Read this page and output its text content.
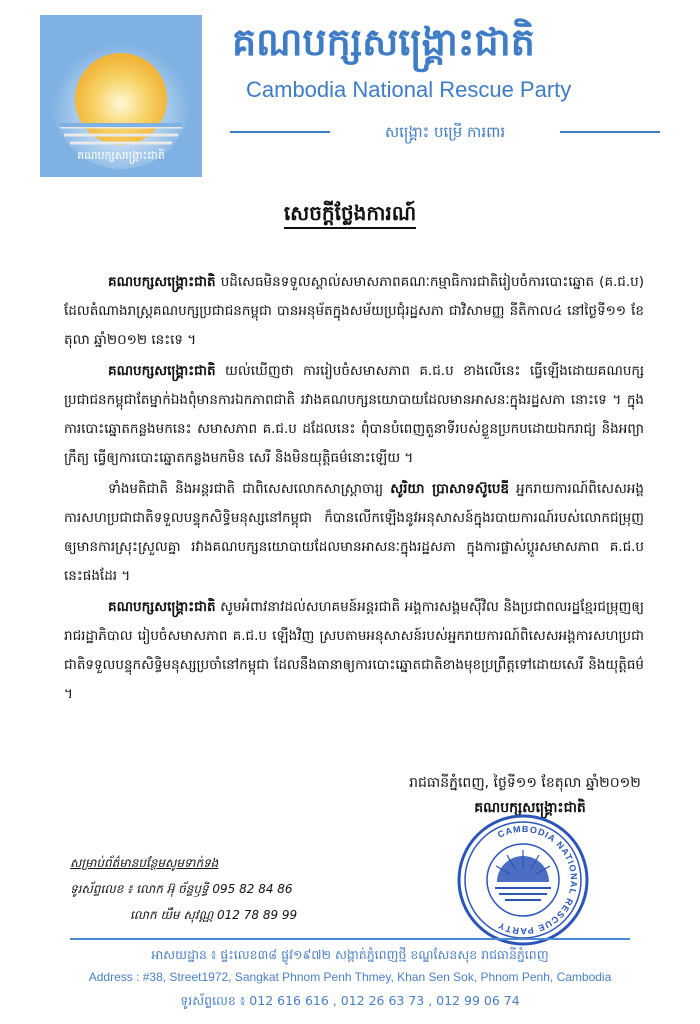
គណបក្សសង្គ្រោះជាតិ
គណបក្សសង្គ្រោះជាតិ
Cambodia National Rescue Party
សង្គ្រោះ បម្រើ ការពារ
សេចក្តីថ្លែងការណ៍

គណបក្សសង្គ្រោះជាតិ បដិសេធមិនទទួលស្គាល់សមាសភាពគណៈកម្មាធិការជាតិរៀបចំការបោះឆ្នោត (គ.ជ.ប) ដែលតំណាងរាស្ត្រគណបក្សប្រជាជនកម្ពុជា បានអនុម័តក្នុងសម័យប្រជុំរដ្ឋសភា ជាវិសាមញ្ញ នីតិកាល៤ នៅថ្ងៃទី១១ ខែតុលា ឆ្នាំ២០១២ នេះទេ ។

គណបក្សសង្គ្រោះជាតិ យល់ឃើញថា ការរៀបចំសមាសភាព គ.ជ.ប ខាងលើនេះ ធ្វើឡើងដោយគណបក្សប្រជាជនកម្ពុជាតែម្នាក់ឯងពុំមានការឯកភាពជាតិ រវាងគណបក្សនយោបាយដែលមានអាសនៈក្នុងរដ្ឋសភា នោះទេ ។ ក្នុងការបោះឆ្នោតកន្លងមកនេះ សមាសភាព គ.ជ.ប ដដែលនេះ ពុំបានបំពេញតួនាទីរបស់ខ្លួនប្រកបដោយឯករាជ្យ និងអព្យាក្រឹត្យ ធ្វើឲ្យការបោះឆ្នោតកន្លងមកមិន សេរី និងមិនយុត្តិធម៌នោះឡើយ ។

ទាំងមតិជាតិ និងអន្តរជាតិ ជាពិសេសលោកសាស្ត្រាចារ្យ សូរិយា ប្រាសាទស៊ូបេឌី អ្នករាយការណ៍ពិសេសអង្គការសហប្រជាជាតិទទួលបន្ទុកសិទ្ធិមនុស្សនៅកម្ពុជា ក៏បានលើកឡើងនូវអនុសាសន៍ក្នុងរបាយការណ៍របស់លោកជម្រុញឲ្យមានការស្រុះស្រួលគ្នា រវាងគណបក្សនយោបាយដែលមានអាសនៈក្នុងរដ្ឋសភា ក្នុងការផ្លាស់ប្តូរសមាសភាព គ.ជ.ប នេះផងដែរ ។

គណបក្សសង្គ្រោះជាតិ សូមអំពាវនាវដល់សហគមន៍អន្តរជាតិ អង្គការសង្គមស៊ីវិល និងប្រជាពលរដ្ឋខ្មែរជម្រុញឲ្យរាជរដ្ឋាភិបាល រៀបចំសមាសភាព គ.ជ.ប ឡើងវិញ ស្របតាមអនុសាសន៍របស់អ្នករាយការណ៍ពិសេសអង្គការសហប្រជាជាតិទទួលបន្ទុកសិទ្ធិមនុស្សប្រចាំនៅកម្ពុជា ដែលនឹងធានាឲ្យការបោះឆ្នោតជាតិខាងមុខប្រព្រឹត្តទៅដោយសេរី និងយុត្តិធម៌ ។

រាជធានីភ្នំពេញ, ថ្ងៃទី១១ ខែតុលា ឆ្នាំ២០១២
គណបក្សសង្គ្រោះជាតិ
CAMBODIA NATIONAL RESCUE PARTY
សម្រាប់ព័ត៌មានបន្ថែមសូមទាក់ទង
ទូរស័ព្ទលេខ ៖ លោក អ៊ុ ច័ន្ទឫទ្ធិ 095 82 84 86
លោក យឹម សុវណ្ណ 012 78 89 99
អាសយដ្ឋាន ៖ ផ្ទះលេខ៣៨ ផ្លូវ១៩៧២ សង្កាត់ភ្នំពេញថ្មី ខណ្ឌសែនសុខ រាជធានីភ្នំពេញ
Address : #38, Street1972, Sangkat Phnom Penh Thmey, Khan Sen Sok, Phnom Penh, Cambodia
ទូរស័ព្ទលេខ ៖ 012 616 616 , 012 26 63 73 , 012 99 06 74
